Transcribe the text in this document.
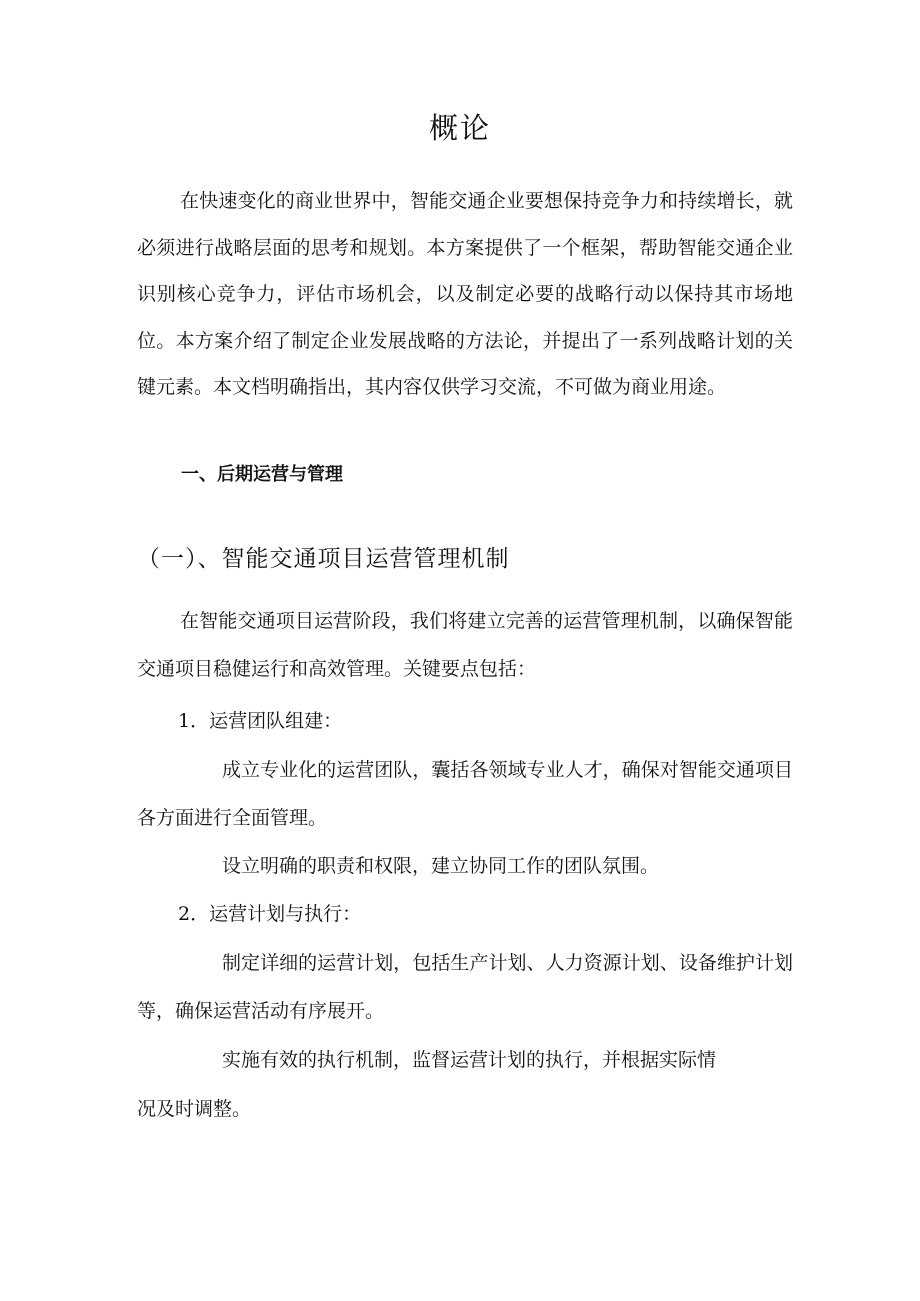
概论

在快速变化的商业世界中，智能交通企业要想保持竞争力和持续增长，就必须进行战略层面的思考和规划。本方案提供了一个框架，帮助智能交通企业识别核心竞争力，评估市场机会，以及制定必要的战略行动以保持其市场地位。本方案介绍了制定企业发展战略的方法论，并提出了一系列战略计划的关键元素。本文档明确指出，其内容仅供学习交流，不可做为商业用途。

一、后期运营与管理
（一）、智能交通项目运营管理机制

在智能交通项目运营阶段，我们将建立完善的运营管理机制，以确保智能交通项目稳健运行和高效管理。关键要点包括：

1．运营团队组建：

成立专业化的运营团队，囊括各领域专业人才，确保对智能交通项目各方面进行全面管理。

设立明确的职责和权限，建立协同工作的团队氛围。
2．运营计划与执行：

制定详细的运营计划，包括生产计划、人力资源计划、设备维护计划等，确保运营活动有序展开。

实施有效的执行机制，监督运营计划的执行，并根据实际情
况及时调整。
